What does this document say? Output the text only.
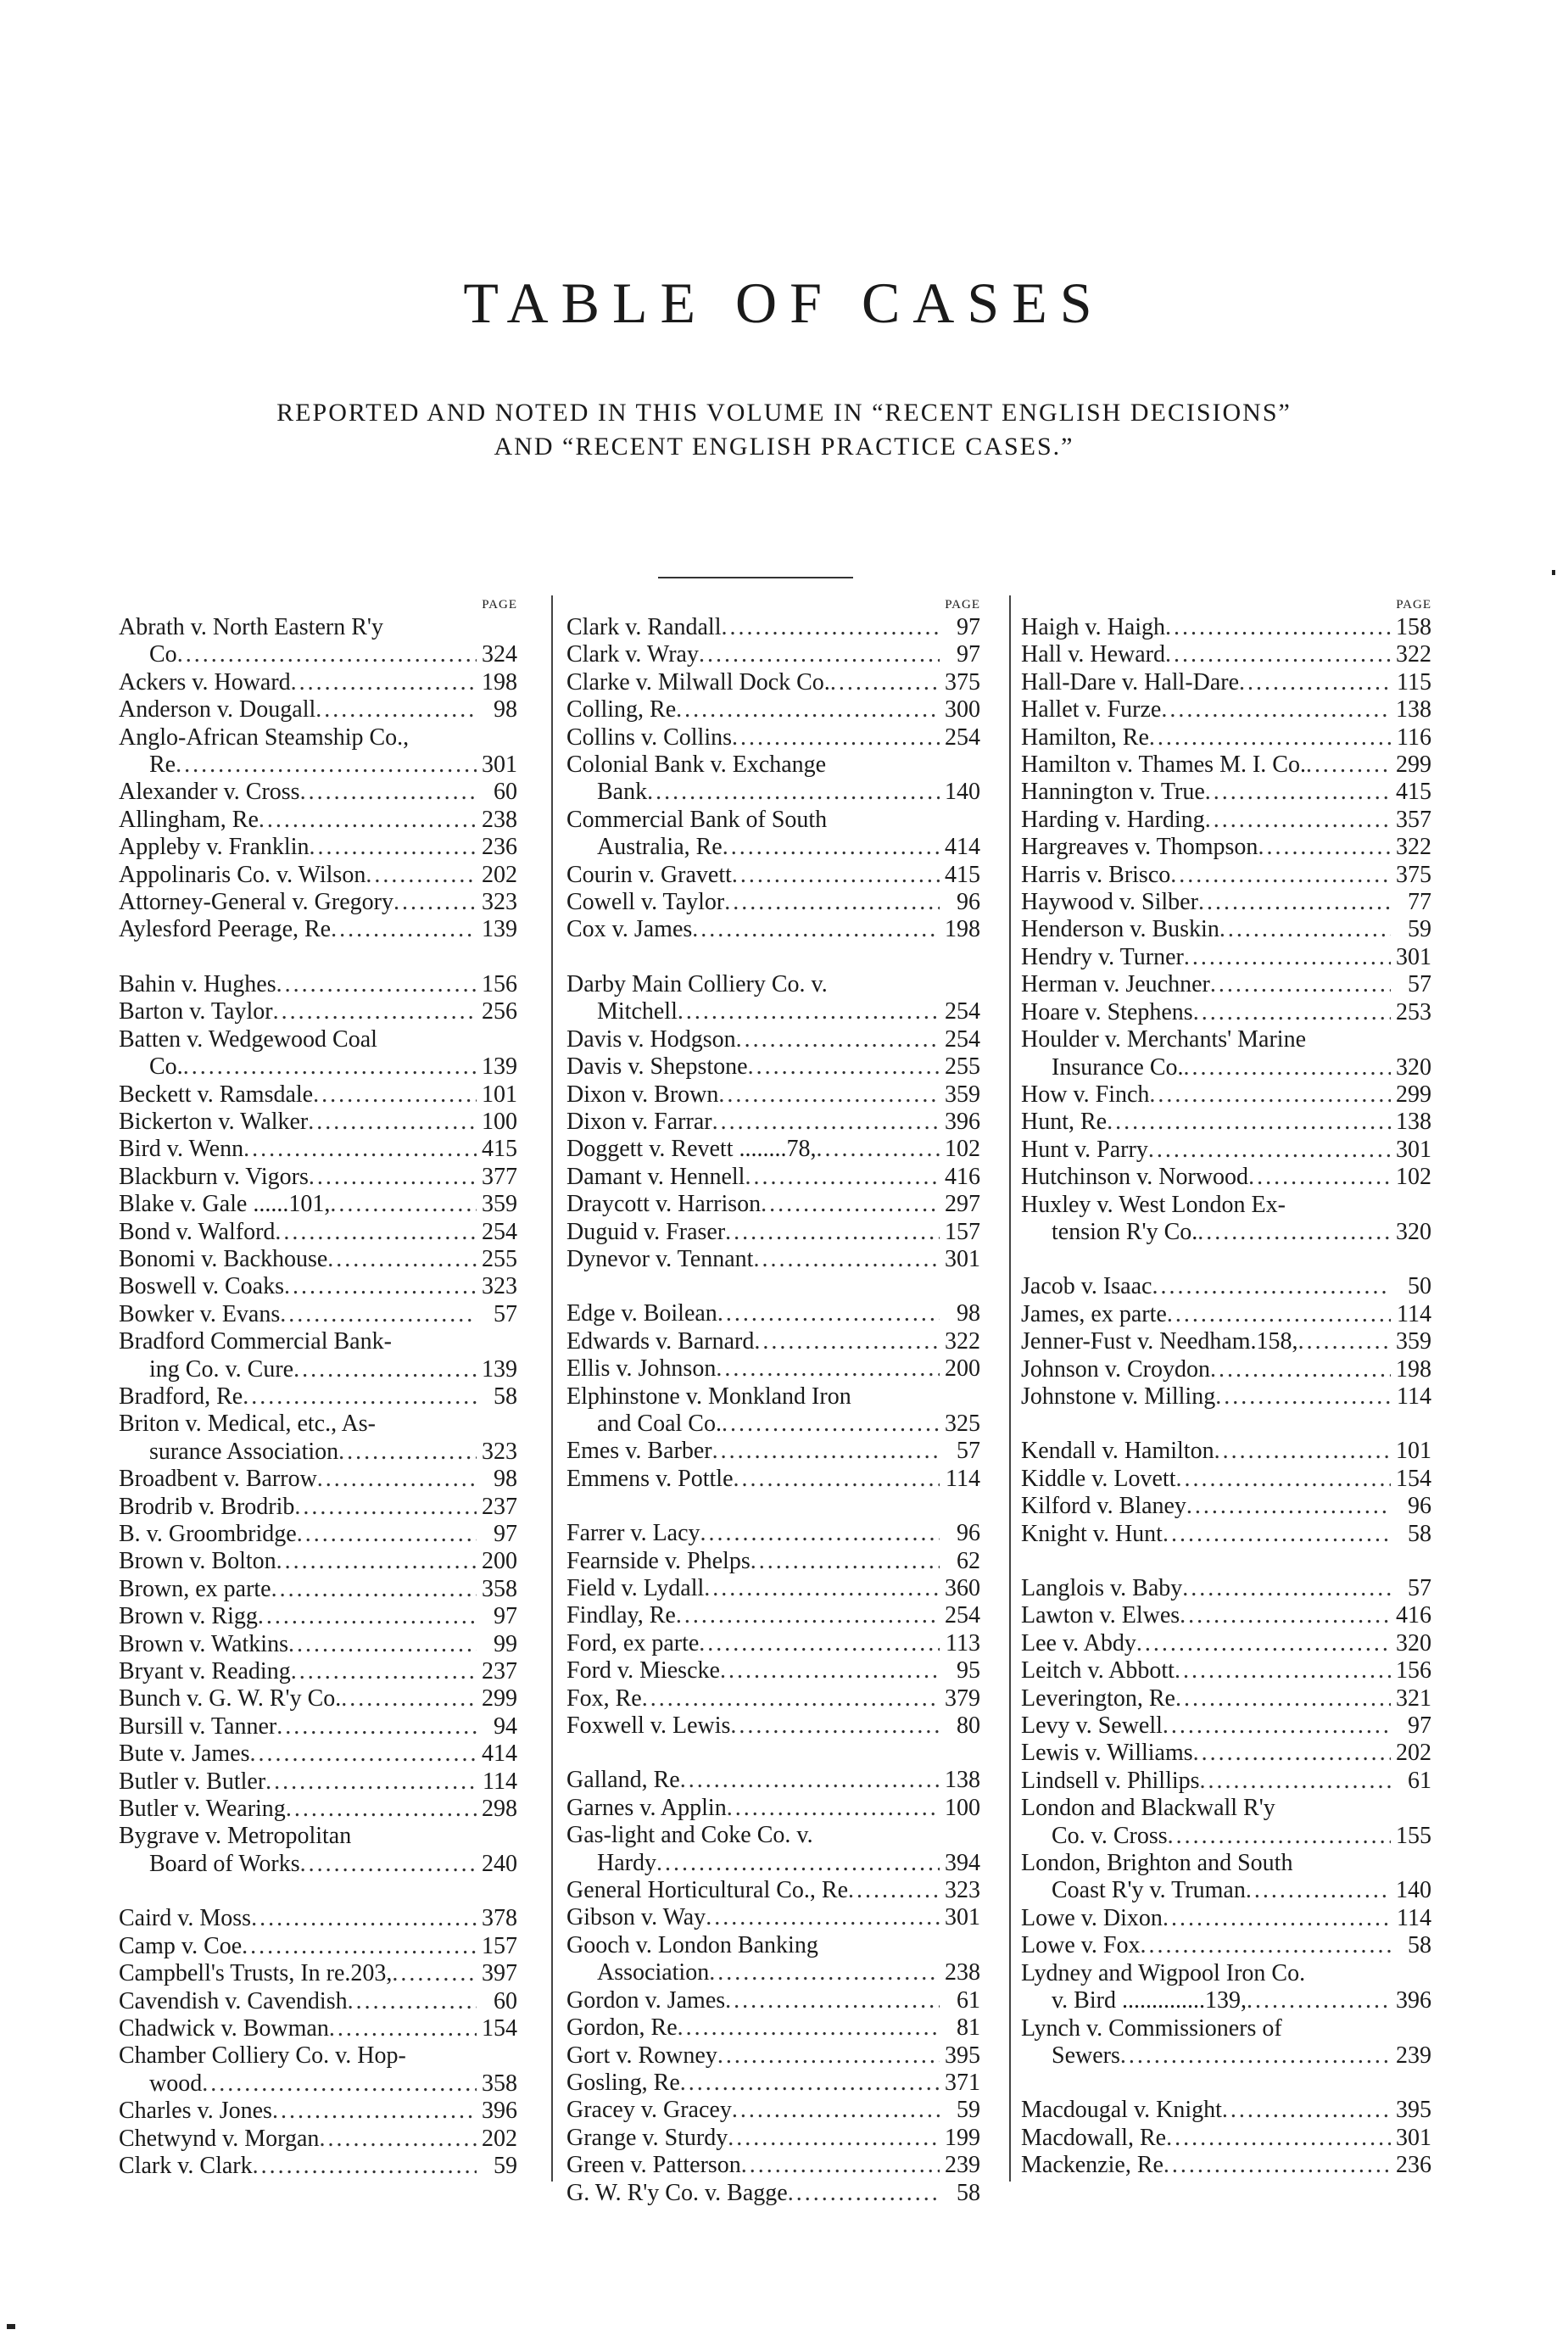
TABLE OF CASES

REPORTED AND NOTED IN THIS VOLUME IN “RECENT ENGLISH DECISIONS”

AND “RECENT ENGLISH PRACTICE CASES.”

PAGE
Abrath v. North Eastern R'y
Co .....	324
Ackers v. Howard .....	198
Anderson v. Dougall .....	98
Anglo-African Steamship Co.,
Re .....	301
Alexander v. Cross .....	60
Allingham, Re .....	238
Appleby v. Franklin .....	236
Appolinaris Co. v. Wilson .....	202
Attorney-General v. Gregory .....	323
Aylesford Peerage, Re .....	139
Bahin v. Hughes .....	156
Barton v. Taylor .....	256
Batten v. Wedgewood Coal
Co. .....	139
Beckett v. Ramsdale .....	101
Bickerton v. Walker .....	100
Bird v. Wenn .....	415
Blackburn v. Vigors .....	377
Blake v. Gale ......101, .....	359
Bond v. Walford .....	254
Bonomi v. Backhouse .....	255
Boswell v. Coaks .....	323
Bowker v. Evans .....	57
Bradford Commercial Bank-
ing Co. v. Cure .....	139
Bradford, Re .....	58
Briton v. Medical, etc., As-
surance Association .....	323
Broadbent v. Barrow .....	98
Brodrib v. Brodrib .....	237
B. v. Groombridge .....	97
Brown v. Bolton .....	200
Brown, ex parte .....	358
Brown v. Rigg .....	97
Brown v. Watkins .....	99
Bryant v. Reading .....	237
Bunch v. G. W. R'y Co. .....	299
Bursill v. Tanner .....	94
Bute v. James .....	414
Butler v. Butler .....	114
Butler v. Wearing .....	298
Bygrave v. Metropolitan
Board of Works .....	240
Caird v. Moss .....	378
Camp v. Coe .....	157
Campbell's Trusts, In re.203, .....	397
Cavendish v. Cavendish .....	60
Chadwick v. Bowman .....	154
Chamber Colliery Co. v. Hop-
wood .....	358
Charles v. Jones .....	396
Chetwynd v. Morgan .....	202
Clark v. Clark .....	59
PAGE
Clark v. Randall .....	97
Clark v. Wray .....	97
Clarke v. Milwall Dock Co. .....	375
Colling, Re .....	300
Collins v. Collins .....	254
Colonial Bank v. Exchange
Bank .....	140
Commercial Bank of South
Australia, Re .....	414
Courin v. Gravett .....	415
Cowell v. Taylor .....	96
Cox v. James .....	198
Darby Main Colliery Co. v.
Mitchell .....	254
Davis v. Hodgson .....	254
Davis v. Shepstone .....	255
Dixon v. Brown .....	359
Dixon v. Farrar .....	396
Doggett v. Revett ........78, .....	102
Damant v. Hennell .....	416
Draycott v. Harrison .....	297
Duguid v. Fraser .....	157
Dynevor v. Tennant .....	301
Edge v. Boilean .....	98
Edwards v. Barnard .....	322
Ellis v. Johnson .....	200
Elphinstone v. Monkland Iron
and Coal Co. .....	325
Emes v. Barber .....	57
Emmens v. Pottle .....	114
Farrer v. Lacy .....	96
Fearnside v. Phelps .....	62
Field v. Lydall .....	360
Findlay, Re .....	254
Ford, ex parte .....	113
Ford v. Miescke .....	95
Fox, Re .....	379
Foxwell v. Lewis .....	80
Galland, Re .....	138
Garnes v. Applin .....	100
Gas-light and Coke Co. v.
Hardy .....	394
General Horticultural Co., Re .....	323
Gibson v. Way .....	301
Gooch v. London Banking
Association .....	238
Gordon v. James .....	61
Gordon, Re .....	81
Gort v. Rowney .....	395
Gosling, Re .....	371
Gracey v. Gracey .....	59
Grange v. Sturdy .....	199
Green v. Patterson .....	239
G. W. R'y Co. v. Bagge .....	58
PAGE
Haigh v. Haigh .....	158
Hall v. Heward .....	322
Hall-Dare v. Hall-Dare .....	115
Hallet v. Furze .....	138
Hamilton, Re .....	116
Hamilton v. Thames M. I. Co. .....	299
Hannington v. True .....	415
Harding v. Harding .....	357
Hargreaves v. Thompson .....	322
Harris v. Brisco .....	375
Haywood v. Silber .....	77
Henderson v. Buskin .....	59
Hendry v. Turner .....	301
Herman v. Jeuchner .....	57
Hoare v. Stephens .....	253
Houlder v. Merchants' Marine
Insurance Co. .....	320
How v. Finch .....	299
Hunt, Re .....	138
Hunt v. Parry .....	301
Hutchinson v. Norwood .....	102
Huxley v. West London Ex-
tension R'y Co. .....	320
Jacob v. Isaac .....	50
James, ex parte .....	114
Jenner-Fust v. Needham.158, .....	359
Johnson v. Croydon .....	198
Johnstone v. Milling .....	114
Kendall v. Hamilton .....	101
Kiddle v. Lovett .....	154
Kilford v. Blaney .....	96
Knight v. Hunt .....	58
Langlois v. Baby .....	57
Lawton v. Elwes .....	416
Lee v. Abdy .....	320
Leitch v. Abbott .....	156
Leverington, Re .....	321
Levy v. Sewell .....	97
Lewis v. Williams .....	202
Lindsell v. Phillips .....	61
London and Blackwall R'y
Co. v. Cross .....	155
London, Brighton and South
Coast R'y v. Truman .....	140
Lowe v. Dixon .....	114
Lowe v. Fox .....	58
Lydney and Wigpool Iron Co.
v. Bird ..............139, .....	396
Lynch v. Commissioners of
Sewers .....	239
Macdougal v. Knight .....	395
Macdowall, Re .....	301
Mackenzie, Re .....	236
